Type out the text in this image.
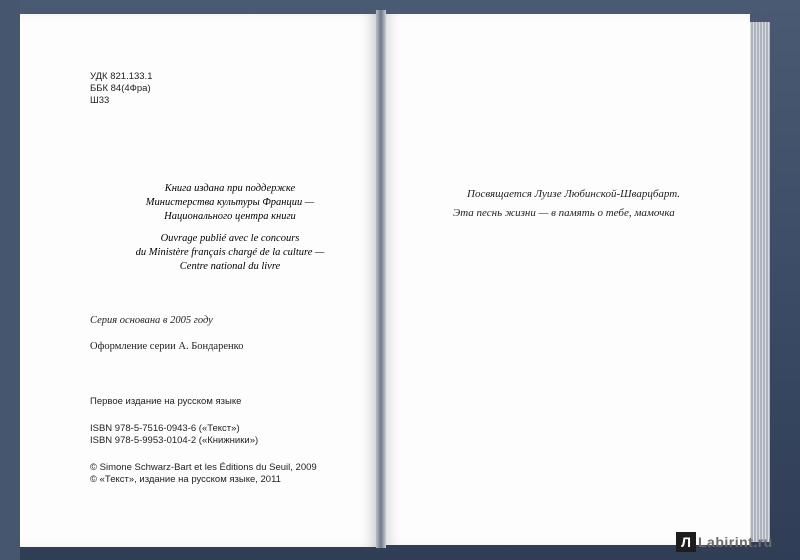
УДК 821.133.1
ББК 84(4Фра)
Ш33
Книга издана при поддержке
Министерства культуры Франции —
Национального центра книги
Ouvrage publié avec le concours
du Ministère français chargé de la culture —
Centre national du livre
Серия основана в 2005 году
Оформление серии А. Бондаренко
Первое издание на русском языке
ISBN 978-5-7516-0943-6 («Текст»)
ISBN 978-5-9953-0104-2 («Книжники»)
© Simone Schwarz-Bart et les Éditions du Seuil, 2009
© «Текст», издание на русском языке, 2011
Посвящается Луизе Любинской-Шварцбарт.
Эта песнь жизни — в память о тебе, мамочка
Л Labirint.ru
